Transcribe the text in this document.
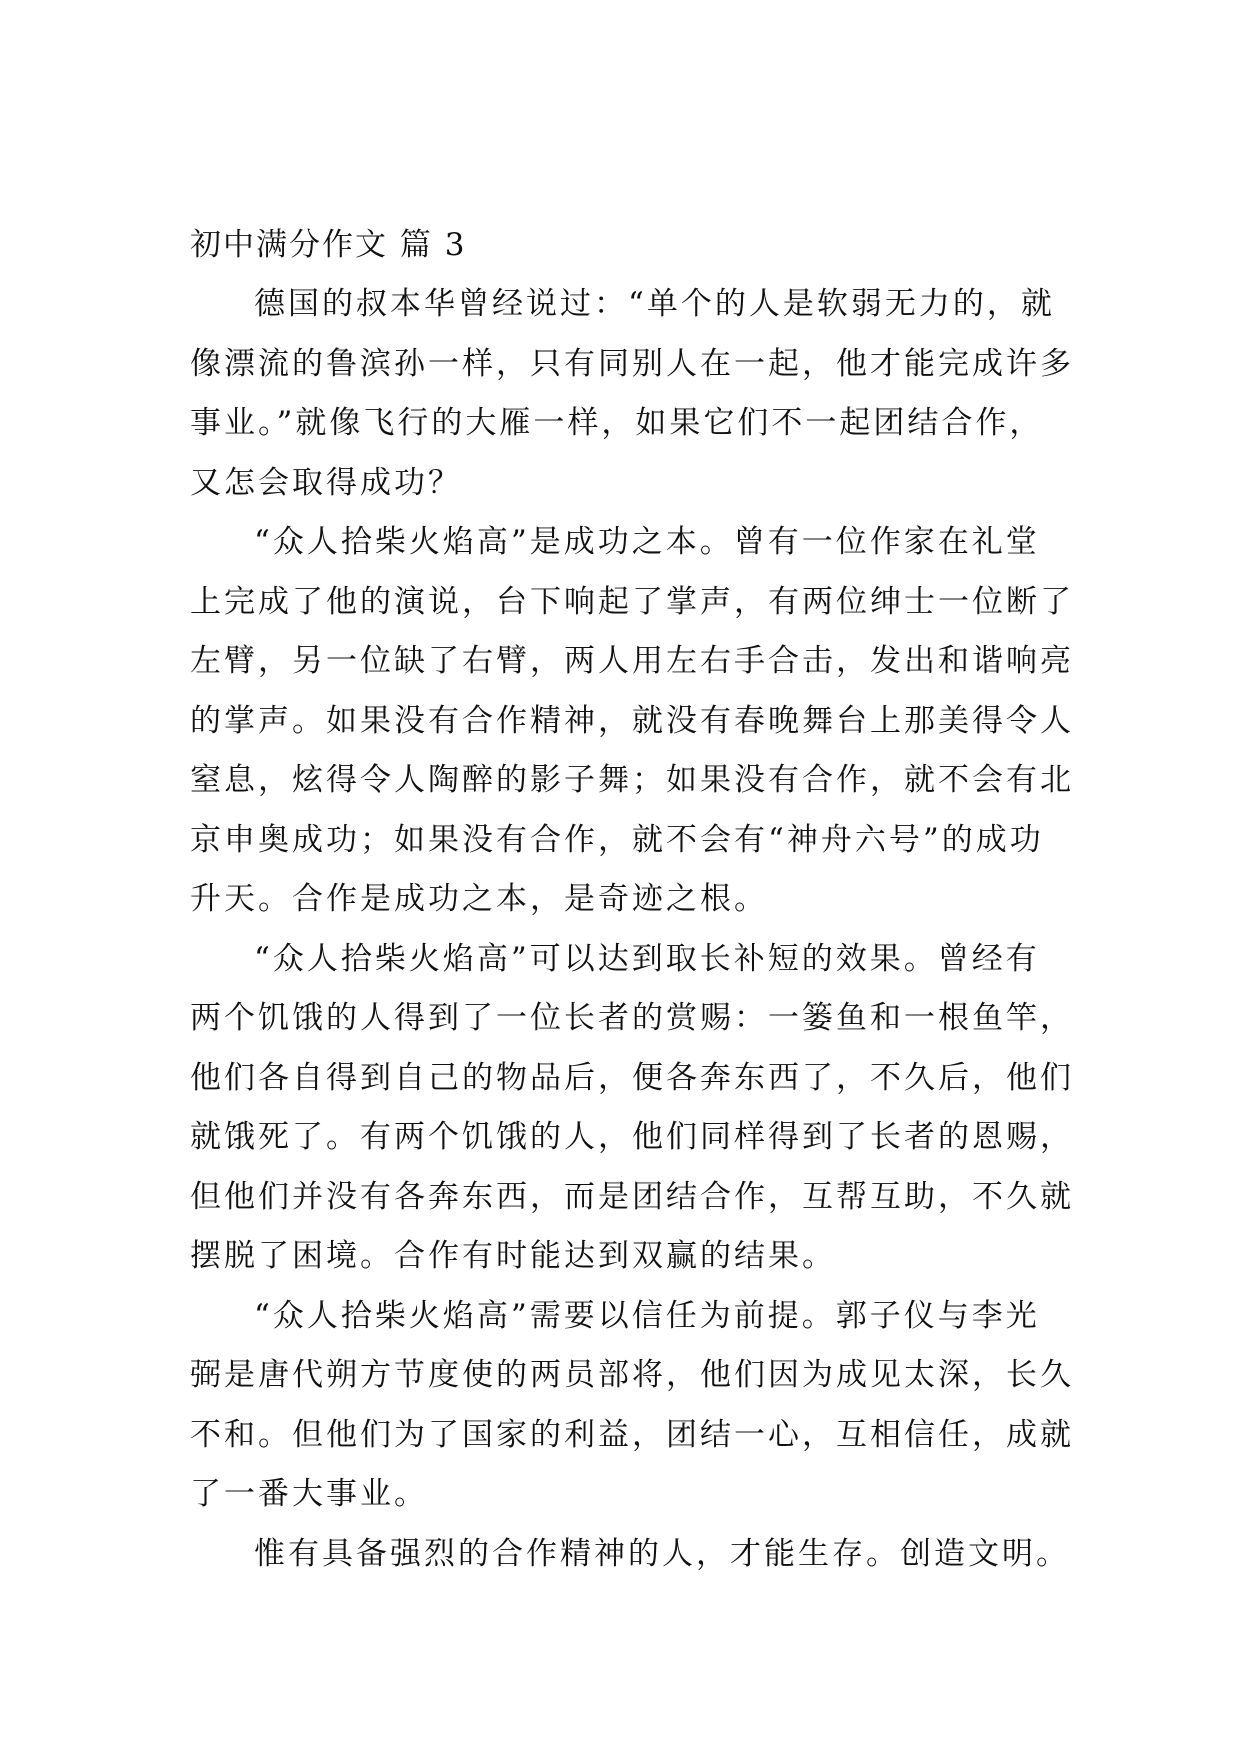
初中满分作文 篇 3
德国的叔本华曾经说过：“单个的人是软弱无力的，就
像漂流的鲁滨孙一样，只有同别人在一起，他才能完成许多
事业。”就像飞行的大雁一样，如果它们不一起团结合作，
又怎会取得成功？
“众人拾柴火焰高”是成功之本。曾有一位作家在礼堂
上完成了他的演说，台下响起了掌声，有两位绅士一位断了
左臂，另一位缺了右臂，两人用左右手合击，发出和谐响亮
的掌声。如果没有合作精神，就没有春晚舞台上那美得令人
窒息，炫得令人陶醉的影子舞；如果没有合作，就不会有北
京申奥成功；如果没有合作，就不会有“神舟六号”的成功
升天。合作是成功之本，是奇迹之根。
“众人拾柴火焰高”可以达到取长补短的效果。曾经有
两个饥饿的人得到了一位长者的赏赐：一篓鱼和一根鱼竿，
他们各自得到自己的物品后，便各奔东西了，不久后，他们
就饿死了。有两个饥饿的人，他们同样得到了长者的恩赐，
但他们并没有各奔东西，而是团结合作，互帮互助，不久就
摆脱了困境。合作有时能达到双赢的结果。
“众人拾柴火焰高”需要以信任为前提。郭子仪与李光
弼是唐代朔方节度使的两员部将，他们因为成见太深，长久
不和。但他们为了国家的利益，团结一心，互相信任，成就
了一番大事业。
惟有具备强烈的合作精神的人，才能生存。创造文明。
